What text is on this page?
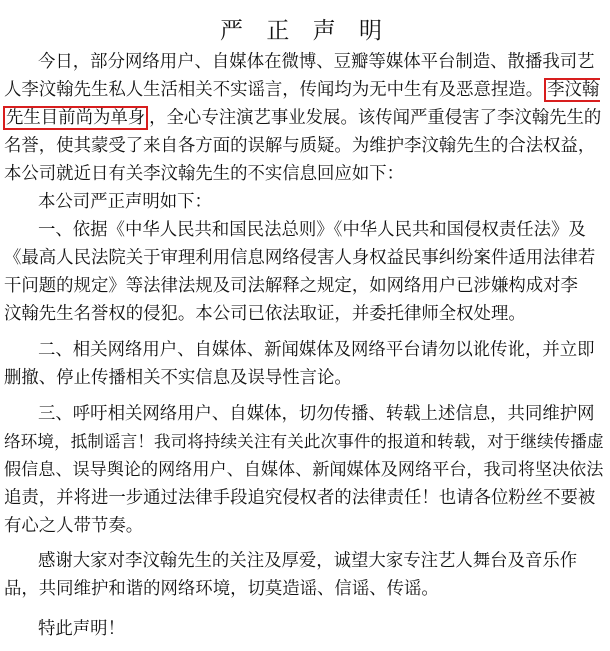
严 正 声 明
今日，部分网络用户、自媒体在微博、豆瓣等媒体平台制造、散播我司艺
人李汶翰先生私人生活相关不实谣言，传闻均为无中生有及恶意捏造。 李汶翰
先生目前尚为单身 ，全心专注演艺事业发展。该传闻严重侵害了李汶翰先生的
名誉，使其蒙受了来自各方面的误解与质疑。为维护李汶翰先生的合法权益，
本公司就近日有关李汶翰先生的不实信息回应如下：
本公司严正声明如下：
一、依据《中华人民共和国民法总则》《中华人民共和国侵权责任法》及
《最高人民法院关于审理利用信息网络侵害人身权益民事纠纷案件适用法律若
干问题的规定》等法律法规及司法解释之规定，如网络用户已涉嫌构成对李
汶翰先生名誉权的侵犯。本公司已依法取证，并委托律师全权处理。
二、相关网络用户、自媒体、新闻媒体及网络平台请勿以讹传讹，并立即
删撤、停止传播相关不实信息及误导性言论。
三、呼吁相关网络用户、自媒体，切勿传播、转载上述信息，共同维护网
络环境，抵制谣言！我司将持续关注有关此次事件的报道和转载，对于继续传播虚
假信息、误导舆论的网络用户、自媒体、新闻媒体及网络平台，我司将坚决依法
追责，并将进一步通过法律手段追究侵权者的法律责任！也请各位粉丝不要被
有心之人带节奏。
感谢大家对李汶翰先生的关注及厚爱，诚望大家专注艺人舞台及音乐作
品，共同维护和谐的网络环境，切莫造谣、信谣、传谣。
特此声明！
